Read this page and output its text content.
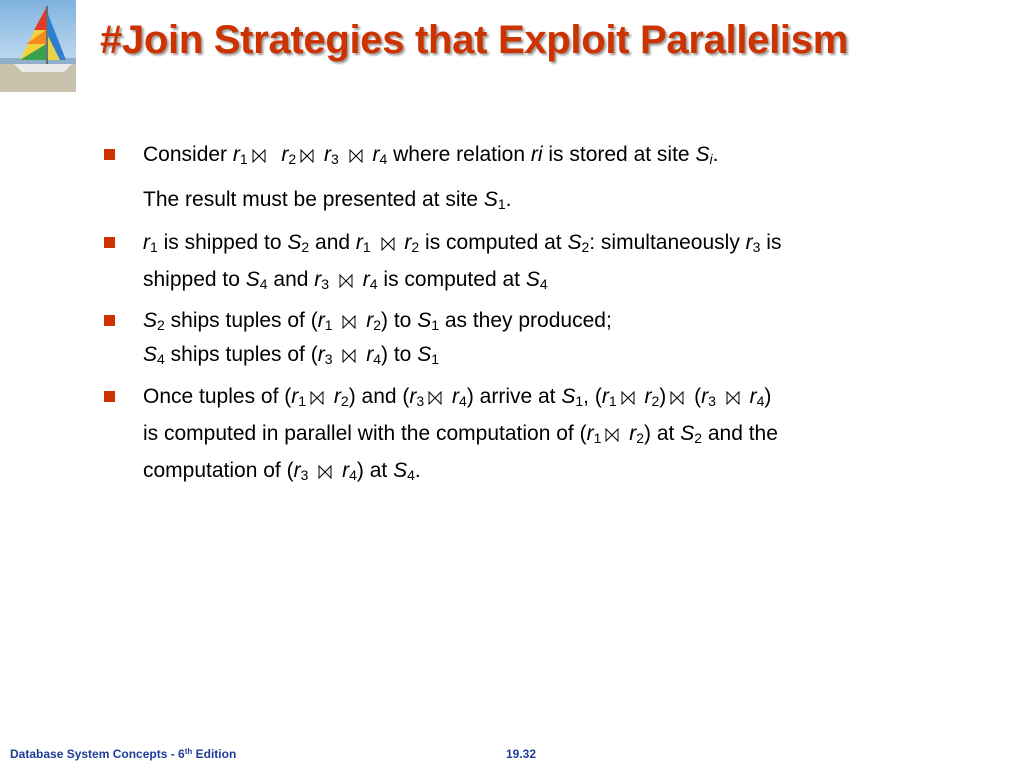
#Join Strategies that Exploit Parallelism
Consider $r_1$ $r_2$ $r_3$ $r_4$ where relation ri is stored at site $S_i$.
The result must be presented at site $S_1$.
$r_1$ is shipped to $S_2$ and $r_1$ $r_2$ is computed at $S_2$: simultaneously $r_3$ is
shipped to $S_4$ and $r_3$ $r_4$ is computed at $S_4$
$S_2$ ships tuples of ($r_1$ $r_2$) to $S_1$ as they produced;
$S_4$ ships tuples of ($r_3$ $r_4$) to $S_1$
Once tuples of ($r_1$ $r_2$) and ($r_3$ $r_4$) arrive at $S_1$, ($r_1$ $r_2$) ($r_3$ $r_4$)
is computed in parallel with the computation of ($r_1$ $r_2$) at $S_2$ and the
computation of ($r_3$ $r_4$) at $S_4$.
Database System Concepts - 6th Edition	19.32
